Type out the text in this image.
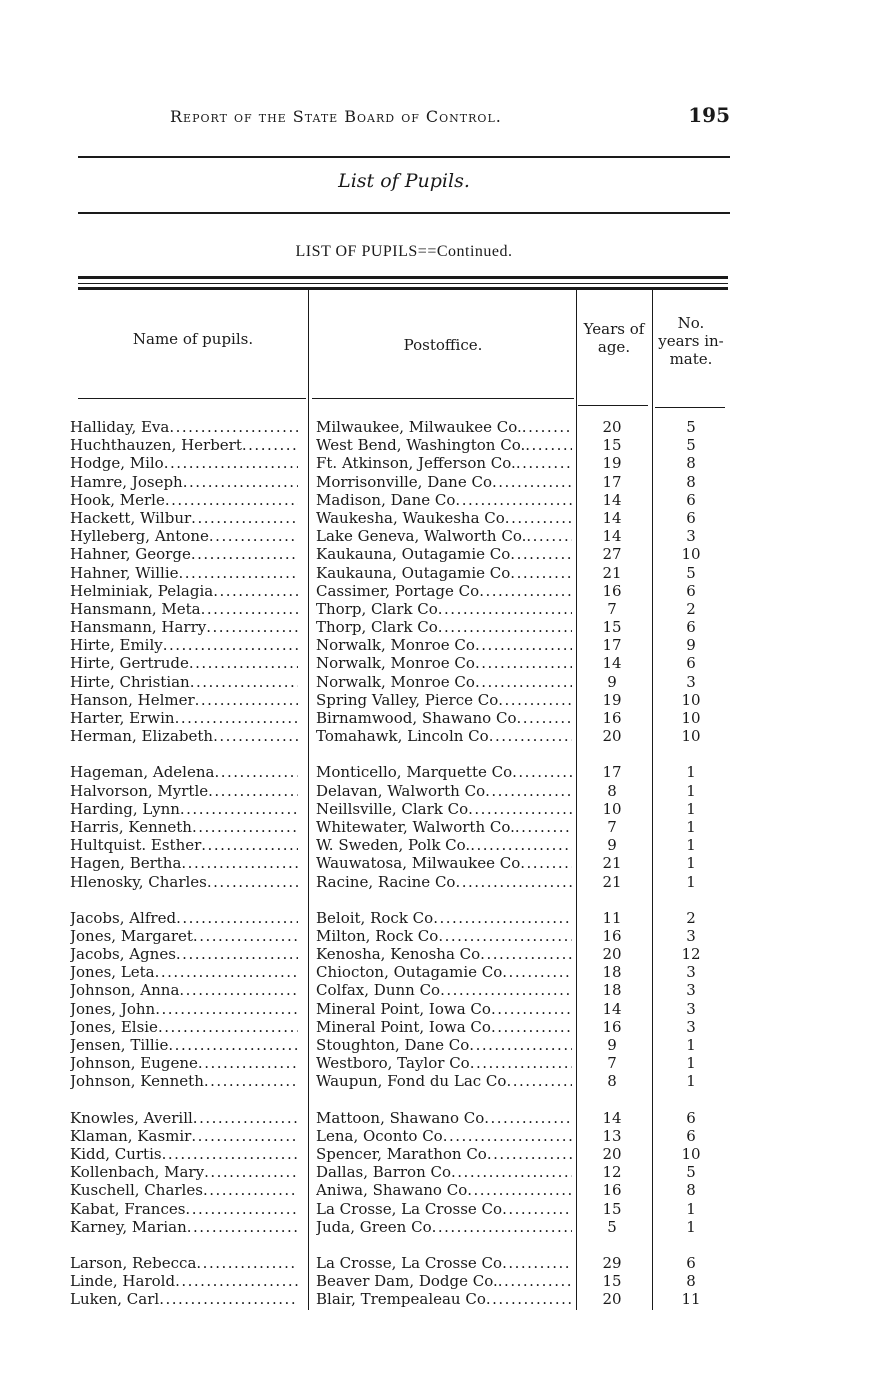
Report of the State Board of Control.	195
List of Pupils.
LIST OF PUPILS==Continued.
Name of pupils.	Postoffice.
Years of age.
No. years in-mate.
Halliday, Eva .....	Milwaukee, Milwaukee Co. .....	20	5
Huchthauzen, Herbert .....	West Bend, Washington Co. .....	15	5
Hodge, Milo .....	Ft. Atkinson, Jefferson Co. .....	19	8
Hamre, Joseph .....	Morrisonville, Dane Co .....	17	8
Hook, Merle .....	Madison, Dane Co .....	14	6
Hackett, Wilbur .....	Waukesha, Waukesha Co .....	14	6
Hylleberg, Antone .....	Lake Geneva, Walworth Co. .....	14	3
Hahner, George .....	Kaukauna, Outagamie Co .....	27	10
Hahner, Willie .....	Kaukauna, Outagamie Co .....	21	5
Helminiak, Pelagia .....	Cassimer, Portage Co .....	16	6
Hansmann, Meta .....	Thorp, Clark Co .....	7	2
Hansmann, Harry .....	Thorp, Clark Co .....	15	6
Hirte, Emily .....	Norwalk, Monroe Co .....	17	9
Hirte, Gertrude .....	Norwalk, Monroe Co .....	14	6
Hirte, Christian .....	Norwalk, Monroe Co .....	9	3
Hanson, Helmer .....	Spring Valley, Pierce Co .....	19	10
Harter, Erwin .....	Birnamwood, Shawano Co .....	16	10
Herman, Elizabeth .....	Tomahawk, Lincoln Co .....	20	10
Hageman, Adelena .....	Monticello, Marquette Co .....	17	1
Halvorson, Myrtle .....	Delavan, Walworth Co .....	8	1
Harding, Lynn .....	Neillsville, Clark Co .....	10	1
Harris, Kenneth .....	Whitewater, Walworth Co. .....	7	1
Hultquist. Esther .....	W. Sweden, Polk Co. .....	9	1
Hagen, Bertha .....	Wauwatosa, Milwaukee Co .....	21	1
Hlenosky, Charles .....	Racine, Racine Co .....	21	1
Jacobs, Alfred .....	Beloit, Rock Co .....	11	2
Jones, Margaret .....	Milton, Rock Co .....	16	3
Jacobs, Agnes .....	Kenosha, Kenosha Co .....	20	12
Jones, Leta .....	Chiocton, Outagamie Co .....	18	3
Johnson, Anna .....	Colfax, Dunn Co .....	18	3
Jones, John .....	Mineral Point, Iowa Co .....	14	3
Jones, Elsie .....	Mineral Point, Iowa Co .....	16	3
Jensen, Tillie .....	Stoughton, Dane Co .....	9	1
Johnson, Eugene .....	Westboro, Taylor Co .....	7	1
Johnson, Kenneth .....	Waupun, Fond du Lac Co .....	8	1
Knowles, Averill .....	Mattoon, Shawano Co .....	14	6
Klaman, Kasmir .....	Lena, Oconto Co .....	13	6
Kidd, Curtis .....	Spencer, Marathon Co .....	20	10
Kollenbach, Mary .....	Dallas, Barron Co .....	12	5
Kuschell, Charles .....	Aniwa, Shawano Co .....	16	8
Kabat, Frances .....	La Crosse, La Crosse Co .....	15	1
Karney, Marian .....	Juda, Green Co .....	5	1
Larson, Rebecca .....	La Crosse, La Crosse Co .....	29	6
Linde, Harold .....	Beaver Dam, Dodge Co. .....	15	8
Luken, Carl .....	Blair, Trempealeau Co .....	20	11
